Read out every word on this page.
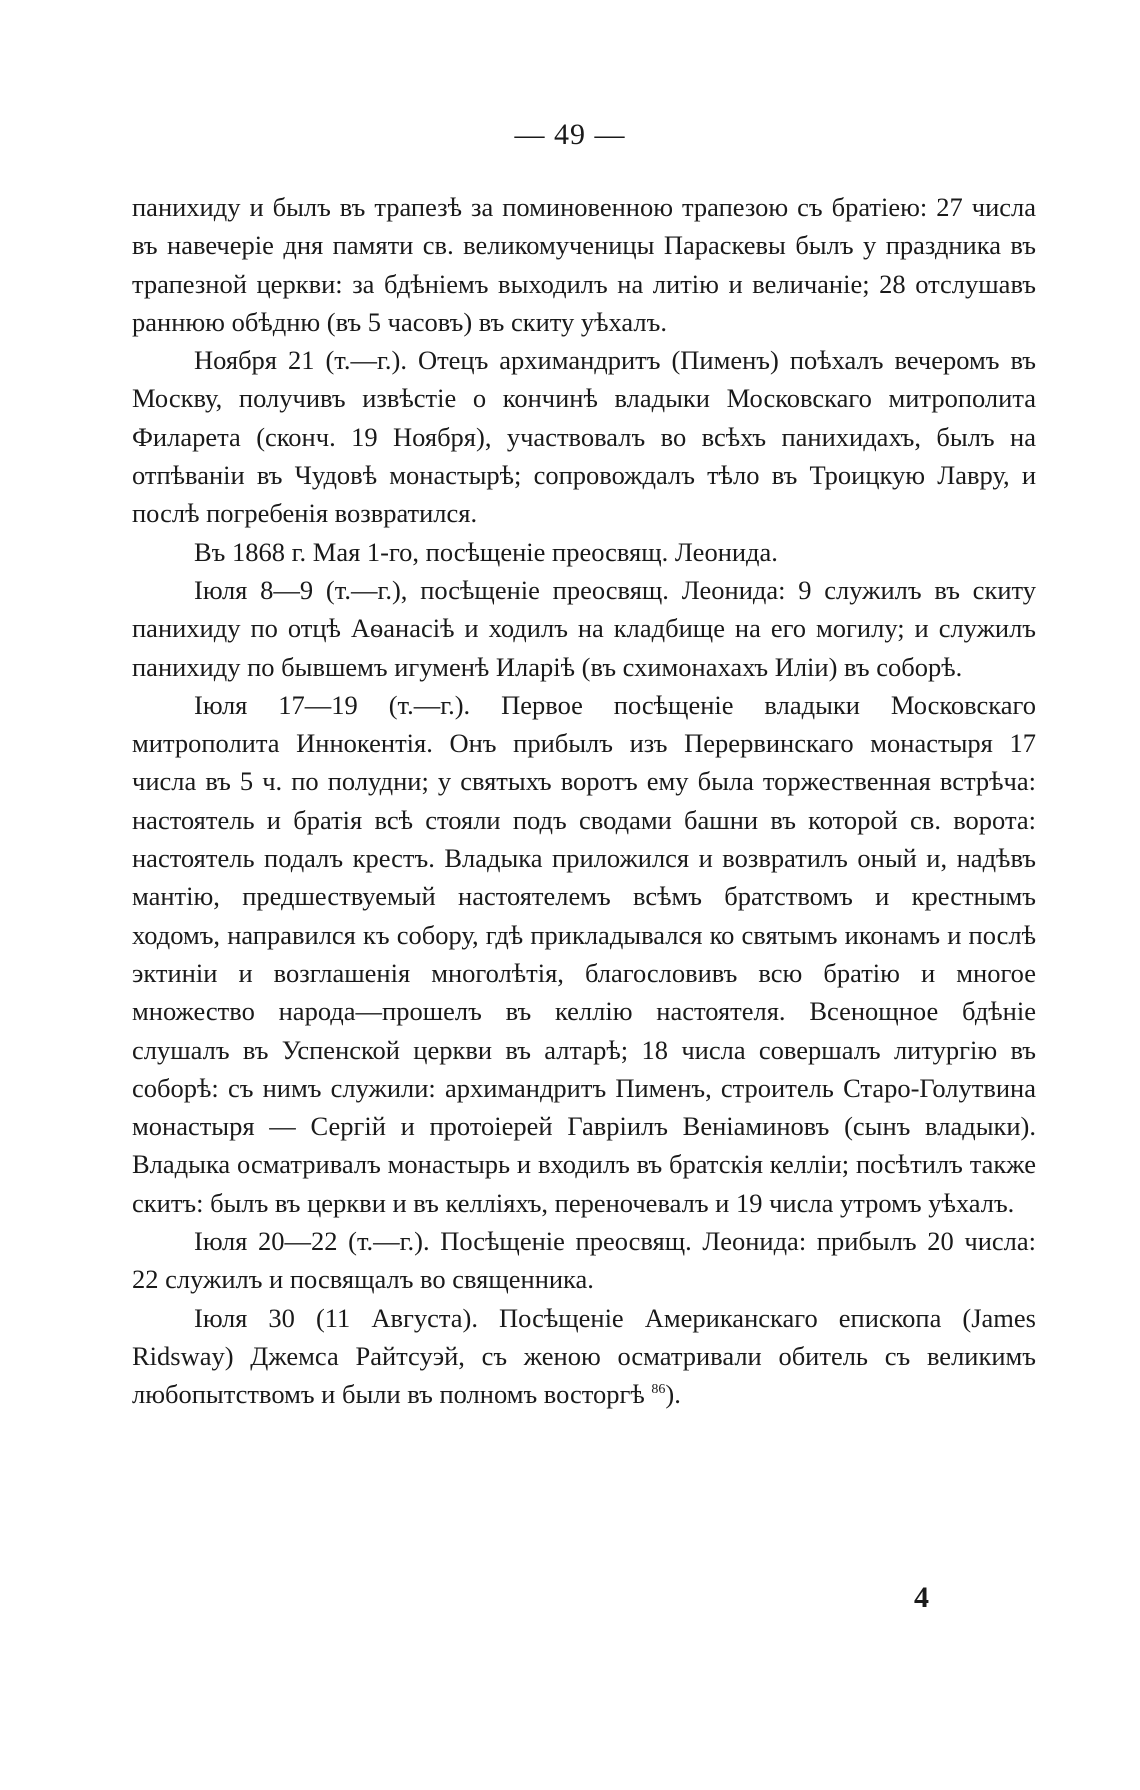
— 49 —

панихиду и былъ въ трапезѣ за поминовенною трапезою съ братіею: 27 числа въ навечеріе дня памяти св. великомученицы Параскевы былъ у праздника въ трапезной церкви: за бдѣніемъ выходилъ на литію и величаніе; 28 отслушавъ раннюю обѣдню (въ 5 часовъ) въ скиту уѣхалъ.

Ноября 21 (т.—г.). Отецъ архимандритъ (Пименъ) поѣхалъ вечеромъ въ Москву, получивъ извѣстіе о кончинѣ владыки Московскаго митрополита Филарета (сконч. 19 Ноября), участвовалъ во всѣхъ панихидахъ, былъ на отпѣваніи въ Чудовѣ монастырѣ; сопровождалъ тѣло въ Троицкую Лавру, и послѣ погребенія возвратился.

Въ 1868 г. Мая 1-го, посѣщеніе преосвящ. Леонида.

Іюля 8—9 (т.—г.), посѣщеніе преосвящ. Леонида: 9 служилъ въ скиту панихиду по отцѣ Аѳанасіѣ и ходилъ на кладбище на его могилу; и служилъ панихиду по бывшемъ игуменѣ Иларіѣ (въ схимонахахъ Иліи) въ соборѣ.

Іюля 17—19 (т.—г.). Первое посѣщеніе владыки Московскаго митрополита Иннокентія. Онъ прибылъ изъ Перервинскаго монастыря 17 числа въ 5 ч. по полудни; у святыхъ воротъ ему была торжественная встрѣча: настоятель и братія всѣ стояли подъ сводами башни въ которой св. ворота: настоятель подалъ крестъ. Владыка приложился и возвратилъ оный и, надѣвъ мантію, предшествуемый настоятелемъ всѣмъ братствомъ и крестнымъ ходомъ, направился къ собору, гдѣ прикладывался ко святымъ иконамъ и послѣ эктиніи и возглашенія многолѣтія, благословивъ всю братію и многое множество народа—прошелъ въ келлію настоятеля. Всенощное бдѣніе слушалъ въ Успенской церкви въ алтарѣ; 18 числа совершалъ литургію въ соборѣ: съ нимъ служили: архимандритъ Пименъ, строитель Старо-Голутвина монастыря — Сергій и протоіерей Гавріилъ Веніаминовъ (сынъ владыки). Владыка осматривалъ монастырь и входилъ въ братскія келліи; посѣтилъ также скитъ: былъ въ церкви и въ келліяхъ, переночевалъ и 19 числа утромъ уѣхалъ.

Іюля 20—22 (т.—г.). Посѣщеніе преосвящ. Леонида: прибылъ 20 числа: 22 служилъ и посвящалъ во священника.

Іюля 30 (11 Августа). Посѣщеніе Американскаго епископа (James Ridsway) Джемса Райтсуэй, съ женою осматривали обитель съ великимъ любопытствомъ и были въ полномъ восторгѣ $^{86}$).

4
